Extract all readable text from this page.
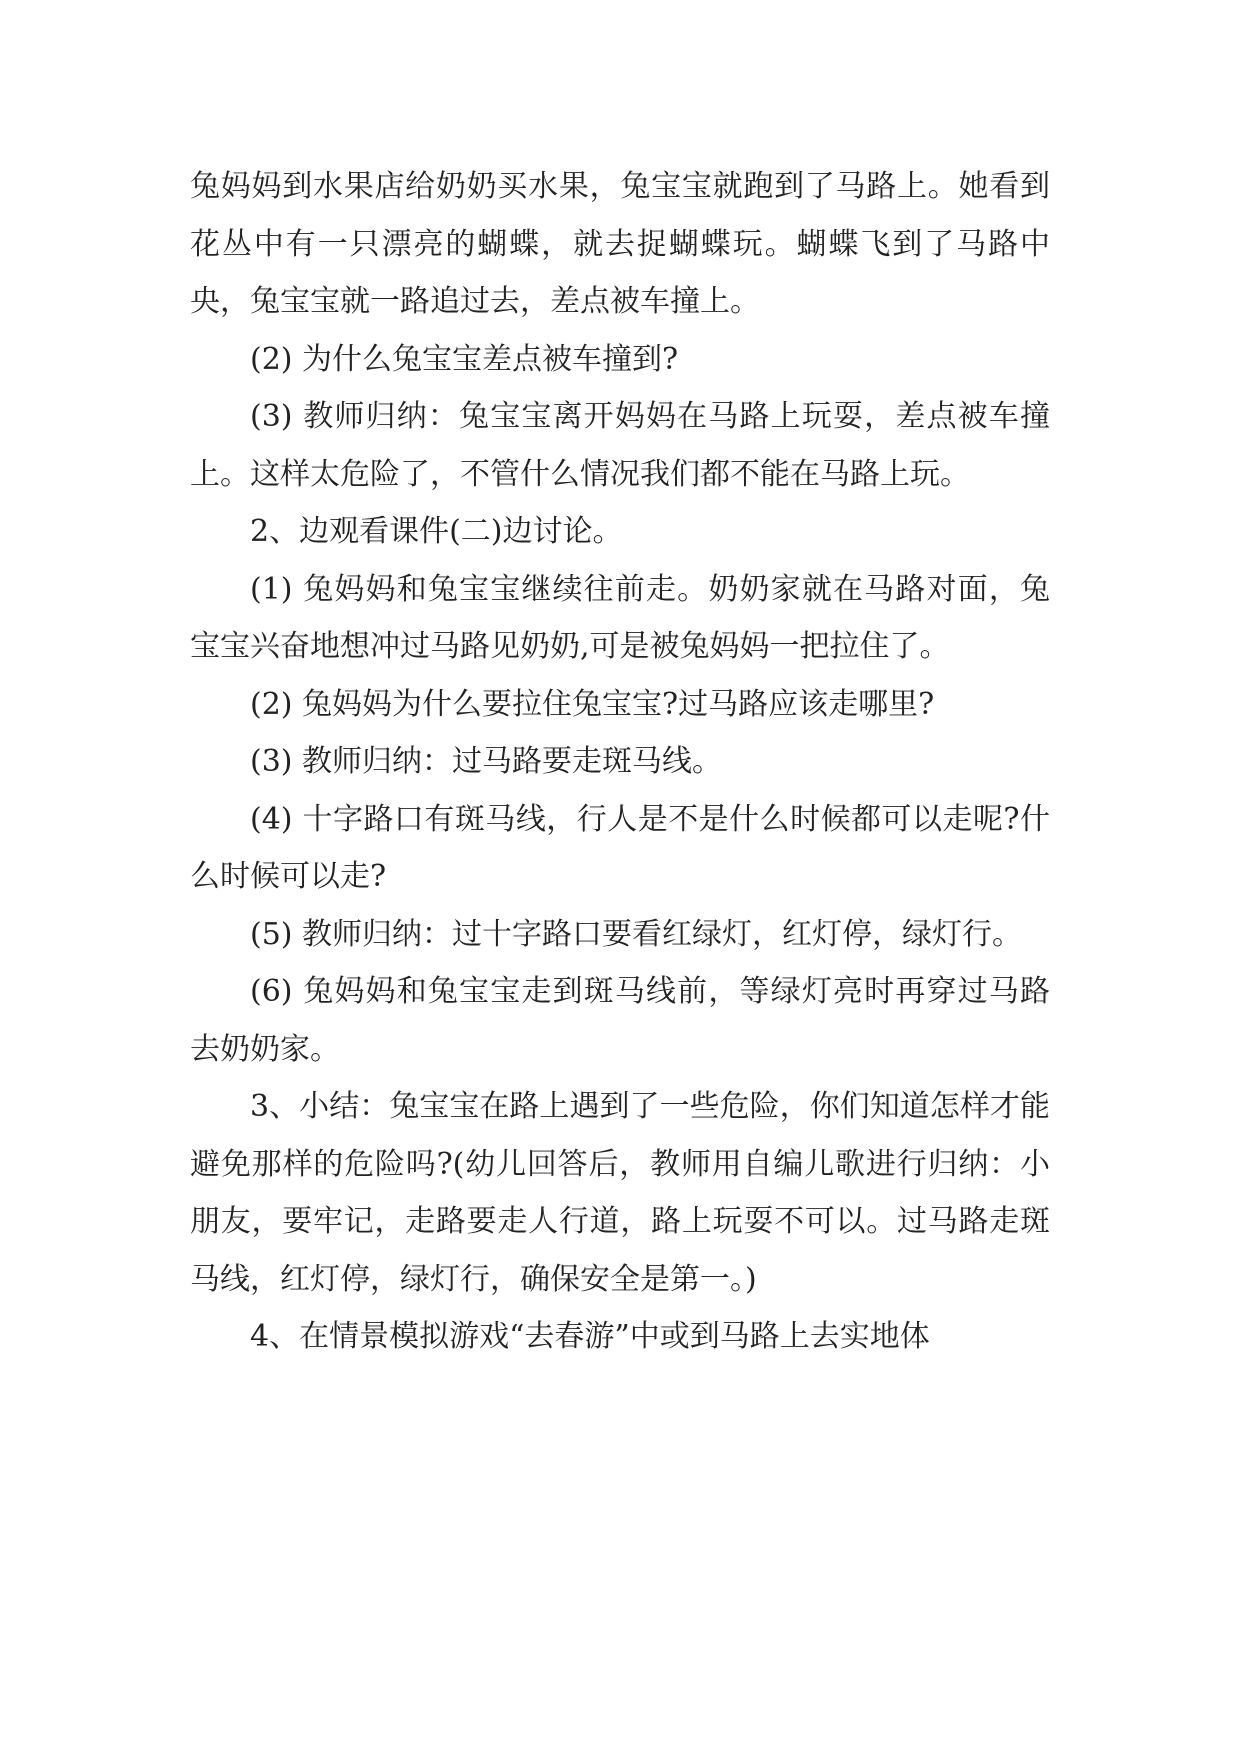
兔妈妈到水果店给奶奶买水果，兔宝宝就跑到了马路上。她看到花丛中有一只漂亮的蝴蝶，就去捉蝴蝶玩。蝴蝶飞到了马路中央，兔宝宝就一路追过去，差点被车撞上。

(2) 为什么兔宝宝差点被车撞到?

(3) 教师归纳：兔宝宝离开妈妈在马路上玩耍，差点被车撞上。这样太危险了，不管什么情况我们都不能在马路上玩。

2、边观看课件(二)边讨论。

(1) 兔妈妈和兔宝宝继续往前走。奶奶家就在马路对面，兔宝宝兴奋地想冲过马路见奶奶,可是被兔妈妈一把拉住了。

(2) 兔妈妈为什么要拉住兔宝宝?过马路应该走哪里?

(3) 教师归纳：过马路要走斑马线。

(4) 十字路口有斑马线，行人是不是什么时候都可以走呢?什么时候可以走?

(5) 教师归纳：过十字路口要看红绿灯，红灯停，绿灯行。

(6) 兔妈妈和兔宝宝走到斑马线前，等绿灯亮时再穿过马路去奶奶家。

3、小结：兔宝宝在路上遇到了一些危险，你们知道怎样才能避免那样的危险吗?(幼儿回答后，教师用自编儿歌进行归纳：小朋友，要牢记，走路要走人行道，路上玩耍不可以。过马路走斑马线，红灯停，绿灯行，确保安全是第一。)

4、在情景模拟游戏“去春游”中或到马路上去实地体
